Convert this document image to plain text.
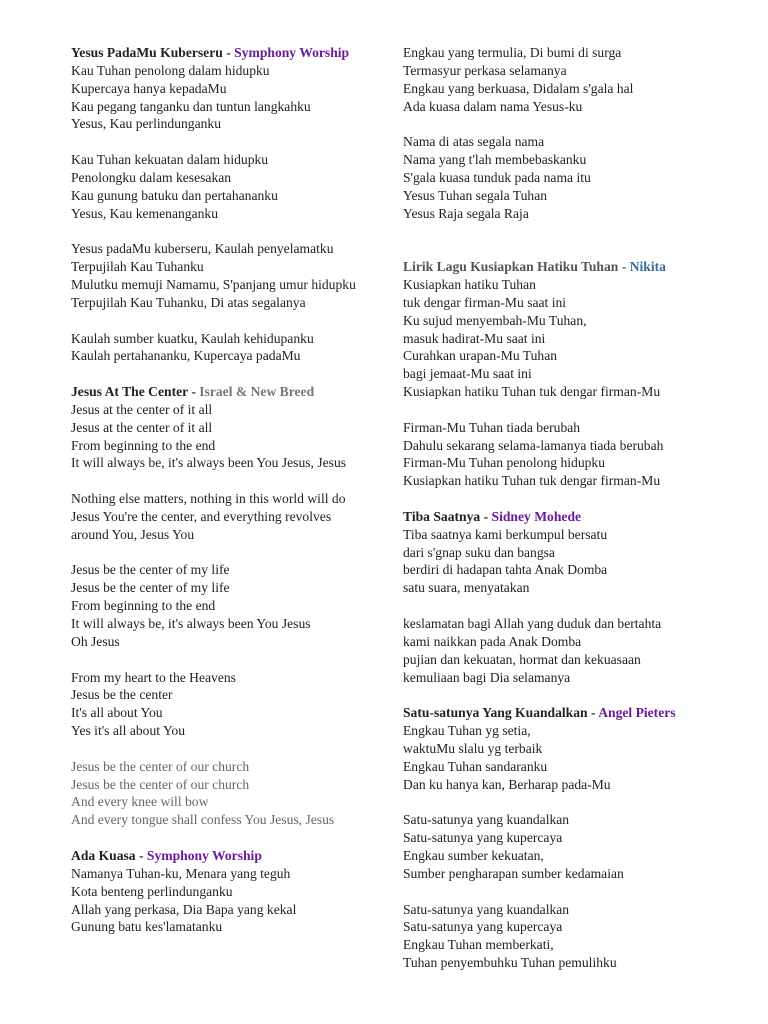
Yesus PadaMu Kuberseru - Symphony Worship
Kau Tuhan penolong dalam hidupku
Kupercaya hanya kepadaMu
Kau pegang tanganku dan tuntun langkahku
Yesus, Kau perlindunganku
Kau Tuhan kekuatan dalam hidupku
Penolongku dalam kesesakan
Kau gunung batuku dan pertahananku
Yesus, Kau kemenanganku
Yesus padaMu kuberseru, Kaulah penyelamatku
Terpujilah Kau Tuhanku
Mulutku memuji Namamu, S'panjang umur hidupku
Terpujilah Kau Tuhanku, Di atas segalanya
Kaulah sumber kuatku, Kaulah kehidupanku
Kaulah pertahananku, Kupercaya padaMu
Jesus At The Center - Israel & New Breed
Jesus at the center of it all
Jesus at the center of it all
From beginning to the end
It will always be, it's always been You Jesus, Jesus
Nothing else matters, nothing in this world will do
Jesus You're the center, and everything revolves
around You, Jesus You
Jesus be the center of my life
Jesus be the center of my life
From beginning to the end
It will always be, it's always been You Jesus
Oh Jesus
From my heart to the Heavens
Jesus be the center
It's all about You
Yes it's all about You
Jesus be the center of our church
Jesus be the center of our church
And every knee will bow
And every tongue shall confess You Jesus, Jesus
Ada Kuasa - Symphony Worship
Namanya Tuhan-ku, Menara yang teguh
Kota benteng perlindunganku
Allah yang perkasa, Dia Bapa yang kekal
Gunung batu kes'lamatanku
Engkau yang termulia, Di bumi di surga
Termasyur perkasa selamanya
Engkau yang berkuasa, Didalam s'gala hal
Ada kuasa dalam nama Yesus-ku
Nama di atas segala nama
Nama yang t'lah membebaskanku
S'gala kuasa tunduk pada nama itu
Yesus Tuhan segala Tuhan
Yesus Raja segala Raja
Lirik Lagu Kusiapkan Hatiku Tuhan - Nikita
Kusiapkan hatiku Tuhan
tuk dengar firman-Mu saat ini
Ku sujud menyembah-Mu Tuhan,
masuk hadirat-Mu saat ini
Curahkan urapan-Mu Tuhan
bagi jemaat-Mu saat ini
Kusiapkan hatiku Tuhan tuk dengar firman-Mu
Firman-Mu Tuhan tiada berubah
Dahulu sekarang selama-lamanya tiada berubah
Firman-Mu Tuhan penolong hidupku
Kusiapkan hatiku Tuhan tuk dengar firman-Mu
Tiba Saatnya - Sidney Mohede
Tiba saatnya kami berkumpul bersatu
dari s'gnap suku dan bangsa
berdiri di hadapan tahta Anak Domba
satu suara, menyatakan
keslamatan bagi Allah yang duduk dan bertahta
kami naikkan pada Anak Domba
pujian dan kekuatan, hormat dan kekuasaan
kemuliaan bagi Dia selamanya
Satu-satunya Yang Kuandalkan - Angel Pieters
Engkau Tuhan yg setia,
waktuMu slalu yg terbaik
Engkau Tuhan sandaranku
Dan ku hanya kan, Berharap pada-Mu
Satu-satunya yang kuandalkan
Satu-satunya yang kupercaya
Engkau sumber kekuatan,
Sumber pengharapan sumber kedamaian
Satu-satunya yang kuandalkan
Satu-satunya yang kupercaya
Engkau Tuhan memberkati,
Tuhan penyembuhku Tuhan pemulihku
